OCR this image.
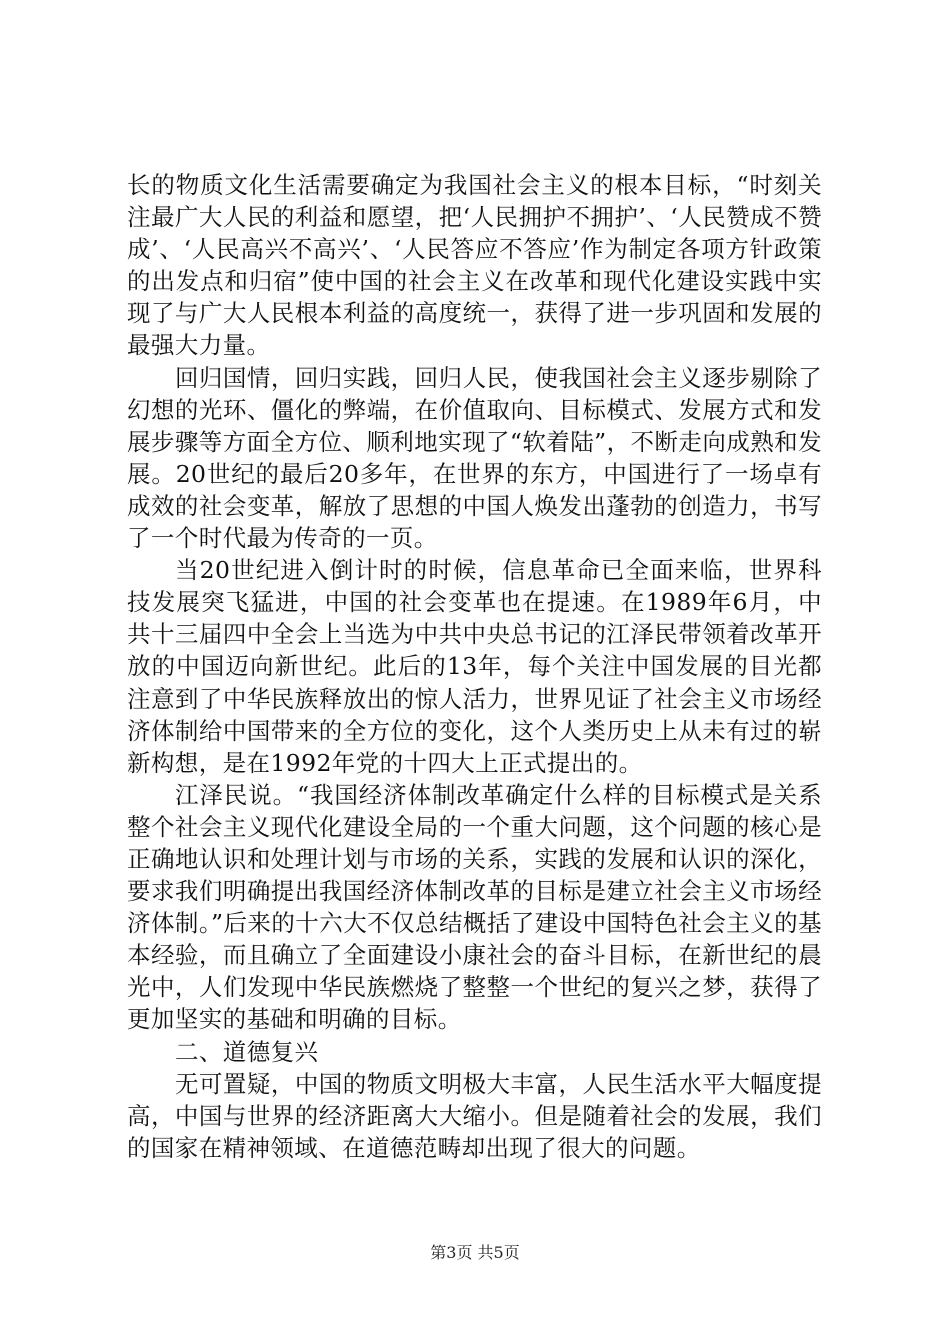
长的物质文化生活需要确定为我国社会主义的根本目标，“时刻关注最广大人民的利益和愿望，把‘人民拥护不拥护’、‘人民赞成不赞成’、‘人民高兴不高兴’、‘人民答应不答应’作为制定各项方针政策的出发点和归宿”使中国的社会主义在改革和现代化建设实践中实现了与广大人民根本利益的高度统一，获得了进一步巩固和发展的最强大力量。

回归国情，回归实践，回归人民，使我国社会主义逐步剔除了幻想的光环、僵化的弊端，在价值取向、目标模式、发展方式和发展步骤等方面全方位、顺利地实现了“软着陆”，不断走向成熟和发展。20世纪的最后20多年，在世界的东方，中国进行了一场卓有成效的社会变革，解放了思想的中国人焕发出蓬勃的创造力，书写了一个时代最为传奇的一页。

当20世纪进入倒计时的时候，信息革命已全面来临，世界科技发展突飞猛进，中国的社会变革也在提速。在1989年6月，中共十三届四中全会上当选为中共中央总书记的江泽民带领着改革开放的中国迈向新世纪。此后的13年，每个关注中国发展的目光都注意到了中华民族释放出的惊人活力，世界见证了社会主义市场经济体制给中国带来的全方位的变化，这个人类历史上从未有过的崭新构想，是在1992年党的十四大上正式提出的。

江泽民说。“我国经济体制改革确定什么样的目标模式是关系整个社会主义现代化建设全局的一个重大问题，这个问题的核心是正确地认识和处理计划与市场的关系，实践的发展和认识的深化，要求我们明确提出我国经济体制改革的目标是建立社会主义市场经济体制。”后来的十六大不仅总结概括了建设中国特色社会主义的基本经验，而且确立了全面建设小康社会的奋斗目标，在新世纪的晨光中，人们发现中华民族燃烧了整整一个世纪的复兴之梦，获得了更加坚实的基础和明确的目标。

二、道德复兴

无可置疑，中国的物质文明极大丰富，人民生活水平大幅度提高，中国与世界的经济距离大大缩小。但是随着社会的发展，我们的国家在精神领域、在道德范畴却出现了很大的问题。

第3页 共5页
